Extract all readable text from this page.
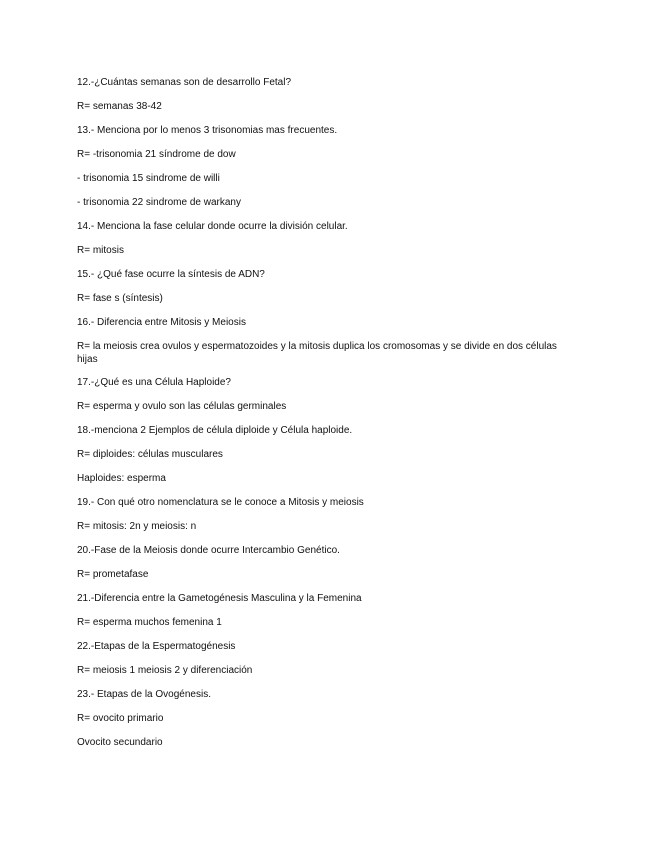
12.-¿Cuántas semanas son de desarrollo Fetal?

R= semanas 38-42

13.- Menciona por lo menos 3 trisonomias mas frecuentes.

R= -trisonomia 21 síndrome de dow

- trisonomia 15 sindrome de willi

- trisonomia 22 sindrome de warkany

14.- Menciona la fase celular donde ocurre la división celular.

R= mitosis

15.- ¿Qué fase ocurre la síntesis de ADN?

R= fase s (síntesis)

16.- Diferencia entre Mitosis y Meiosis

R= la meiosis crea ovulos y espermatozoides y la mitosis duplica los cromosomas y se divide en dos células hijas

17.-¿Qué es una Célula Haploide?

R= esperma y ovulo son las células germinales

18.-menciona 2 Ejemplos de célula diploide y Célula haploide.

R= diploides: células musculares

Haploides: esperma

19.- Con qué otro nomenclatura se le conoce a Mitosis y meiosis

R= mitosis: 2n y meiosis: n

20.-Fase de la Meiosis donde ocurre Intercambio Genético.

R= prometafase

21.-Diferencia entre la Gametogénesis Masculina y la Femenina

R= esperma muchos femenina 1

22.-Etapas de la Espermatogénesis

R= meiosis 1 meiosis 2 y diferenciación

23.- Etapas de la Ovogénesis.

R= ovocito primario

Ovocito secundario
